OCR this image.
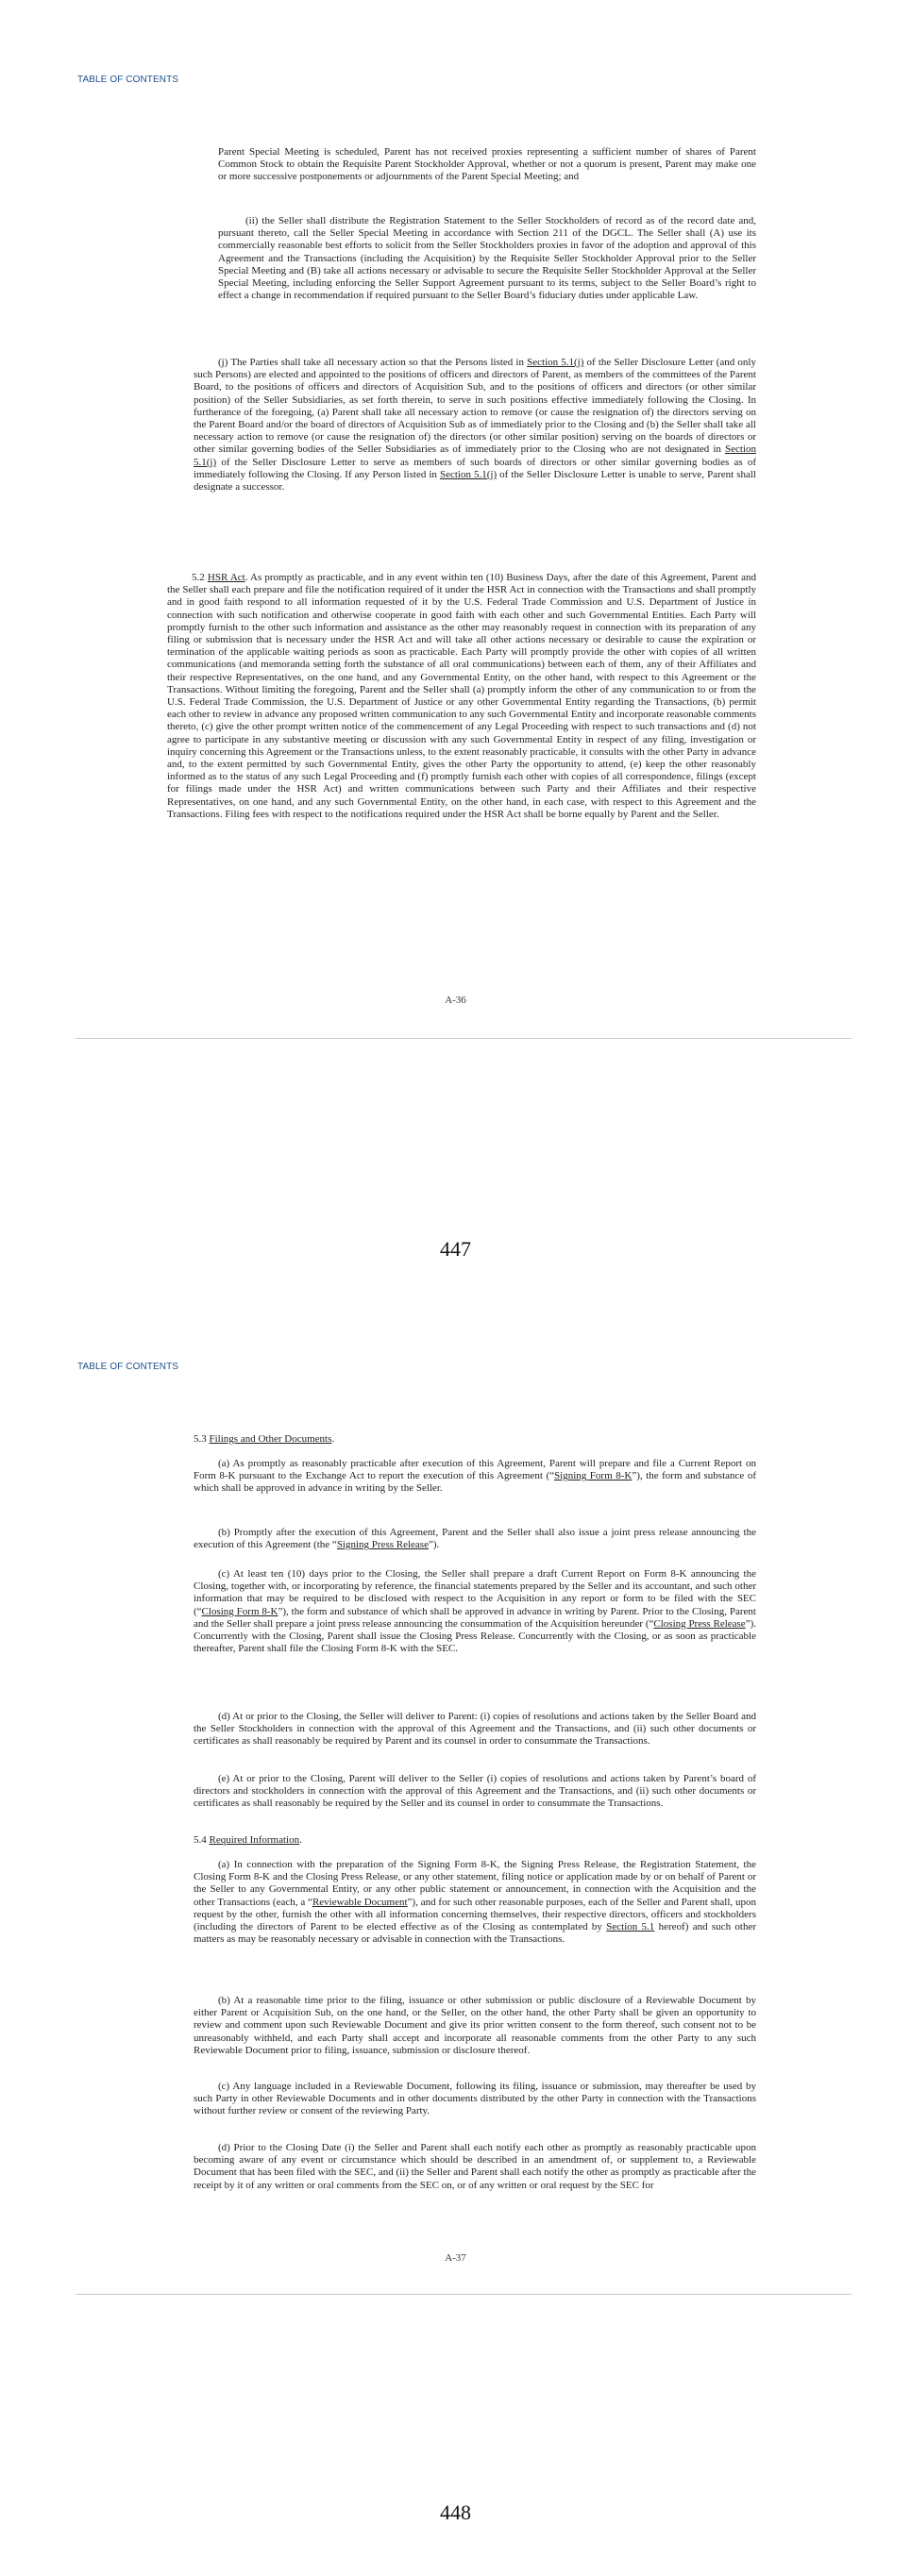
TABLE OF CONTENTS

Parent Special Meeting is scheduled, Parent has not received proxies representing a sufficient number of shares of Parent Common Stock to obtain the Requisite Parent Stockholder Approval, whether or not a quorum is present, Parent may make one or more successive postponements or adjournments of the Parent Special Meeting; and

(ii) the Seller shall distribute the Registration Statement to the Seller Stockholders of record as of the record date and, pursuant thereto, call the Seller Special Meeting in accordance with Section 211 of the DGCL. The Seller shall (A) use its commercially reasonable best efforts to solicit from the Seller Stockholders proxies in favor of the adoption and approval of this Agreement and the Transactions (including the Acquisition) by the Requisite Seller Stockholder Approval prior to the Seller Special Meeting and (B) take all actions necessary or advisable to secure the Requisite Seller Stockholder Approval at the Seller Special Meeting, including enforcing the Seller Support Agreement pursuant to its terms, subject to the Seller Board’s right to effect a change in recommendation if required pursuant to the Seller Board’s fiduciary duties under applicable Law.

(j) The Parties shall take all necessary action so that the Persons listed in Section 5.1(j) of the Seller Disclosure Letter (and only such Persons) are elected and appointed to the positions of officers and directors of Parent, as members of the committees of the Parent Board, to the positions of officers and directors of Acquisition Sub, and to the positions of officers and directors (or other similar position) of the Seller Subsidiaries, as set forth therein, to serve in such positions effective immediately following the Closing. In furtherance of the foregoing, (a) Parent shall take all necessary action to remove (or cause the resignation of) the directors serving on the Parent Board and/or the board of directors of Acquisition Sub as of immediately prior to the Closing and (b) the Seller shall take all necessary action to remove (or cause the resignation of) the directors (or other similar position) serving on the boards of directors or other similar governing bodies of the Seller Subsidiaries as of immediately prior to the Closing who are not designated in Section 5.1(j) of the Seller Disclosure Letter to serve as members of such boards of directors or other similar governing bodies as of immediately following the Closing. If any Person listed in Section 5.1(j) of the Seller Disclosure Letter is unable to serve, Parent shall designate a successor.

5.2 HSR Act. As promptly as practicable, and in any event within ten (10) Business Days, after the date of this Agreement, Parent and the Seller shall each prepare and file the notification required of it under the HSR Act in connection with the Transactions and shall promptly and in good faith respond to all information requested of it by the U.S. Federal Trade Commission and U.S. Department of Justice in connection with such notification and otherwise cooperate in good faith with each other and such Governmental Entities. Each Party will promptly furnish to the other such information and assistance as the other may reasonably request in connection with its preparation of any filing or submission that is necessary under the HSR Act and will take all other actions necessary or desirable to cause the expiration or termination of the applicable waiting periods as soon as practicable. Each Party will promptly provide the other with copies of all written communications (and memoranda setting forth the substance of all oral communications) between each of them, any of their Affiliates and their respective Representatives, on the one hand, and any Governmental Entity, on the other hand, with respect to this Agreement or the Transactions. Without limiting the foregoing, Parent and the Seller shall (a) promptly inform the other of any communication to or from the U.S. Federal Trade Commission, the U.S. Department of Justice or any other Governmental Entity regarding the Transactions, (b) permit each other to review in advance any proposed written communication to any such Governmental Entity and incorporate reasonable comments thereto, (c) give the other prompt written notice of the commencement of any Legal Proceeding with respect to such transactions and (d) not agree to participate in any substantive meeting or discussion with any such Governmental Entity in respect of any filing, investigation or inquiry concerning this Agreement or the Transactions unless, to the extent reasonably practicable, it consults with the other Party in advance and, to the extent permitted by such Governmental Entity, gives the other Party the opportunity to attend, (e) keep the other reasonably informed as to the status of any such Legal Proceeding and (f) promptly furnish each other with copies of all correspondence, filings (except for filings made under the HSR Act) and written communications between such Party and their Affiliates and their respective Representatives, on one hand, and any such Governmental Entity, on the other hand, in each case, with respect to this Agreement and the Transactions. Filing fees with respect to the notifications required under the HSR Act shall be borne equally by Parent and the Seller.

A-36
447
TABLE OF CONTENTS

5.3 Filings and Other Documents.

(a) As promptly as reasonably practicable after execution of this Agreement, Parent will prepare and file a Current Report on Form 8-K pursuant to the Exchange Act to report the execution of this Agreement (“Signing Form 8-K”), the form and substance of which shall be approved in advance in writing by the Seller.

(b) Promptly after the execution of this Agreement, Parent and the Seller shall also issue a joint press release announcing the execution of this Agreement (the “Signing Press Release”).

(c) At least ten (10) days prior to the Closing, the Seller shall prepare a draft Current Report on Form 8-K announcing the Closing, together with, or incorporating by reference, the financial statements prepared by the Seller and its accountant, and such other information that may be required to be disclosed with respect to the Acquisition in any report or form to be filed with the SEC (“Closing Form 8-K”), the form and substance of which shall be approved in advance in writing by Parent. Prior to the Closing, Parent and the Seller shall prepare a joint press release announcing the consummation of the Acquisition hereunder (“Closing Press Release”). Concurrently with the Closing, Parent shall issue the Closing Press Release. Concurrently with the Closing, or as soon as practicable thereafter, Parent shall file the Closing Form 8-K with the SEC.

(d) At or prior to the Closing, the Seller will deliver to Parent: (i) copies of resolutions and actions taken by the Seller Board and the Seller Stockholders in connection with the approval of this Agreement and the Transactions, and (ii) such other documents or certificates as shall reasonably be required by Parent and its counsel in order to consummate the Transactions.

(e) At or prior to the Closing, Parent will deliver to the Seller (i) copies of resolutions and actions taken by Parent’s board of directors and stockholders in connection with the approval of this Agreement and the Transactions, and (ii) such other documents or certificates as shall reasonably be required by the Seller and its counsel in order to consummate the Transactions.

5.4 Required Information.

(a) In connection with the preparation of the Signing Form 8-K, the Signing Press Release, the Registration Statement, the Closing Form 8-K and the Closing Press Release, or any other statement, filing notice or application made by or on behalf of Parent or the Seller to any Governmental Entity, or any other public statement or announcement, in connection with the Acquisition and the other Transactions (each, a “Reviewable Document”), and for such other reasonable purposes, each of the Seller and Parent shall, upon request by the other, furnish the other with all information concerning themselves, their respective directors, officers and stockholders (including the directors of Parent to be elected effective as of the Closing as contemplated by Section 5.1 hereof) and such other matters as may be reasonably necessary or advisable in connection with the Transactions.

(b) At a reasonable time prior to the filing, issuance or other submission or public disclosure of a Reviewable Document by either Parent or Acquisition Sub, on the one hand, or the Seller, on the other hand, the other Party shall be given an opportunity to review and comment upon such Reviewable Document and give its prior written consent to the form thereof, such consent not to be unreasonably withheld, and each Party shall accept and incorporate all reasonable comments from the other Party to any such Reviewable Document prior to filing, issuance, submission or disclosure thereof.

(c) Any language included in a Reviewable Document, following its filing, issuance or submission, may thereafter be used by such Party in other Reviewable Documents and in other documents distributed by the other Party in connection with the Transactions without further review or consent of the reviewing Party.

(d) Prior to the Closing Date (i) the Seller and Parent shall each notify each other as promptly as reasonably practicable upon becoming aware of any event or circumstance which should be described in an amendment of, or supplement to, a Reviewable Document that has been filed with the SEC, and (ii) the Seller and Parent shall each notify the other as promptly as practicable after the receipt by it of any written or oral comments from the SEC on, or of any written or oral request by the SEC for

A-37
448
